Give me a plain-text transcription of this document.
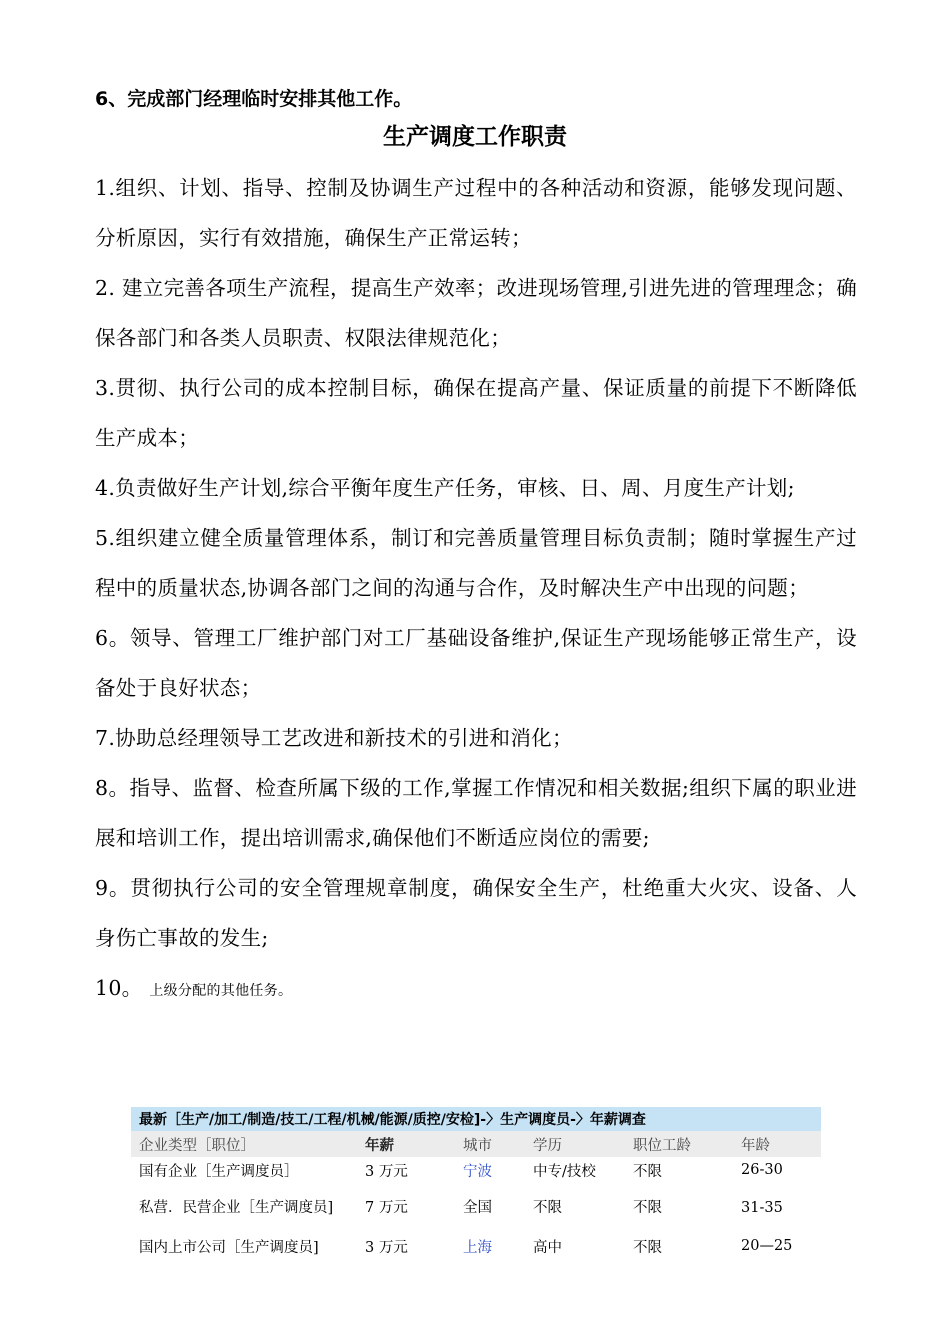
6、完成部门经理临时安排其他工作。
生产调度工作职责

1.组织、计划、指导、控制及协调生产过程中的各种活动和资源，能够发现问题、分析原因，实行有效措施，确保生产正常运转；

2. 建立完善各项生产流程，提高生产效率；改进现场管理,引进先进的管理理念；确保各部门和各类人员职责、权限法律规范化；

3.贯彻、执行公司的成本控制目标，确保在提高产量、保证质量的前提下不断降低生产成本；

4.负责做好生产计划,综合平衡年度生产任务，审核、日、周、月度生产计划;

5.组织建立健全质量管理体系，制订和完善质量管理目标负责制；随时掌握生产过程中的质量状态,协调各部门之间的沟通与合作，及时解决生产中出现的问题；

6。领导、管理工厂维护部门对工厂基础设备维护,保证生产现场能够正常生产，设备处于良好状态；

7.协助总经理领导工艺改进和新技术的引进和消化；

8。指导、监督、检查所属下级的工作,掌握工作情况和相关数据;组织下属的职业进展和培训工作，提出培训需求,确保他们不断适应岗位的需要;

9。贯彻执行公司的安全管理规章制度，确保安全生产，杜绝重大火灾、设备、人身伤亡事故的发生;

10。 上级分配的其他任务。

最新［生产/加工/制造/技工/工程/机械/能源/质控/安检]-〉生产调度员-〉年薪调查					
企业类型［职位］	年薪	城市	学历	职位工龄	年龄
国有企业［生产调度员］	3 万元	宁波	中专/技校	不限	26-30
私营．民营企业［生产调度员]	7 万元	全国	不限	不限	31-35
国内上市公司［生产调度员]	3 万元	上海	高中	不限	20—25
